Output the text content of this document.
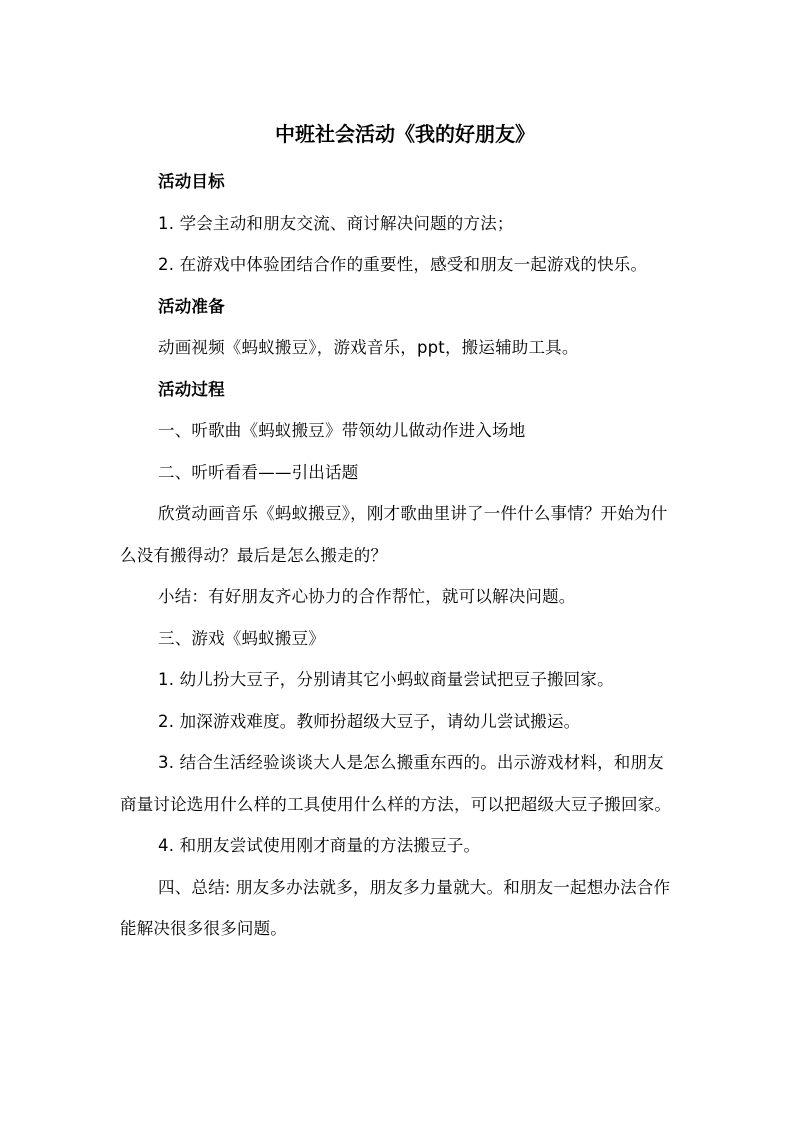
中班社会活动《我的好朋友》

活动目标

1. 学会主动和朋友交流、商讨解决问题的方法；

2. 在游戏中体验团结合作的重要性，感受和朋友一起游戏的快乐。

活动准备

动画视频《蚂蚁搬豆》，游戏音乐，ppt，搬运辅助工具。

活动过程

一、听歌曲《蚂蚁搬豆》带领幼儿做动作进入场地

二、听听看看——引出话题

欣赏动画音乐《蚂蚁搬豆》，刚才歌曲里讲了一件什么事情？开始为什么没有搬得动？最后是怎么搬走的？

小结：有好朋友齐心协力的合作帮忙，就可以解决问题。

三、游戏《蚂蚁搬豆》

1. 幼儿扮大豆子，分别请其它小蚂蚁商量尝试把豆子搬回家。

2. 加深游戏难度。教师扮超级大豆子，请幼儿尝试搬运。

3. 结合生活经验谈谈大人是怎么搬重东西的。出示游戏材料，和朋友商量讨论选用什么样的工具使用什么样的方法，可以把超级大豆子搬回家。

4. 和朋友尝试使用刚才商量的方法搬豆子。

四、总结: 朋友多办法就多，朋友多力量就大。和朋友一起想办法合作能解决很多很多问题。
